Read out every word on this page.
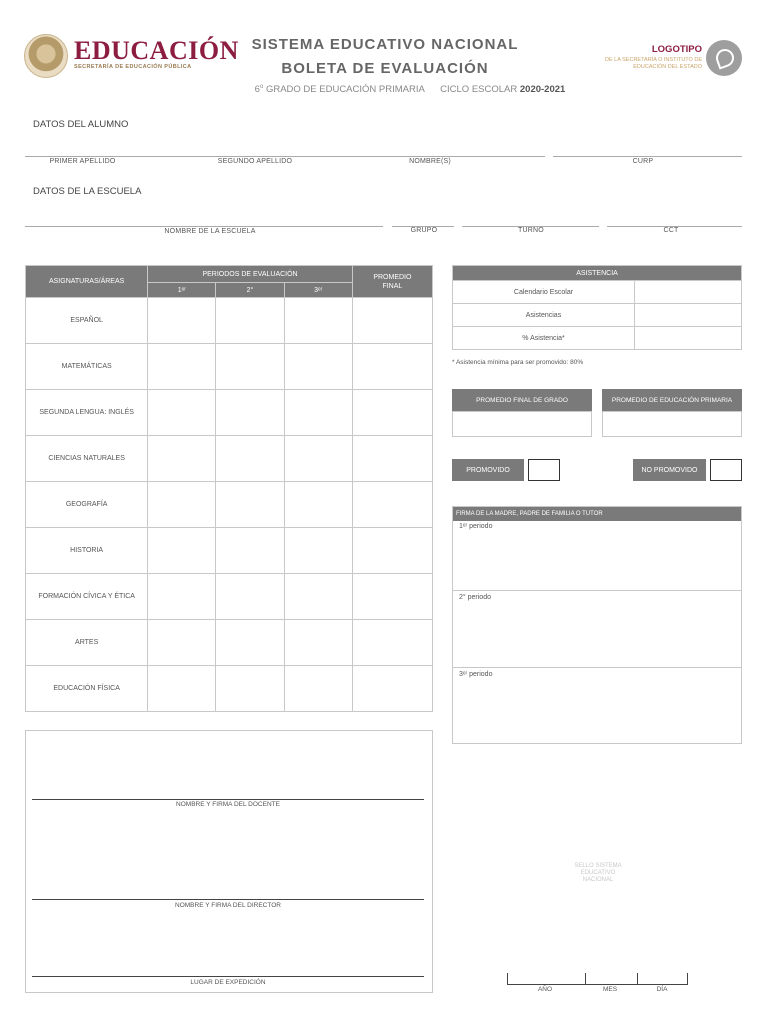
EDUCACIÓN
SECRETARÍA DE EDUCACIÓN PÚBLICA
SISTEMA EDUCATIVO NACIONAL
BOLETA DE EVALUACIÓN
6$^o$ GRADO DE EDUCACIÓN PRIMARIA CICLO ESCOLAR 2020-2021
LOGOTIPO
DE LA SECRETARÍA O INSTITUTO DE EDUCACIÓN DEL ESTADO
DATOS DEL ALUMNO
PRIMER APELLIDO	SEGUNDO APELLIDO	NOMBRE(S)	CURP
DATOS DE LA ESCUELA
NOMBRE DE LA ESCUELA	GRUPO	TURNO	CCT
ASIGNATURAS/ÁREAS	PERIODOS DE EVALUACIÓN			PROMEDIO FINAL
	1ᵉʳ	2°	3ᵉʳ	
ESPAÑOL				
MATEMÁTICAS				
SEGUNDA LENGUA: INGLÉS				
CIENCIAS NATURALES				
GEOGRAFÍA				
HISTORIA				
FORMACIÓN CÍVICA Y ÉTICA				
ARTES				
EDUCACIÓN FÍSICA				
ASISTENCIA	
Calendario Escolar	
Asistencias	
% Asistencia*	
* Asistencia mínima para ser promovido: 80%
PROMEDIO FINAL DE GRADO	PROMEDIO DE EDUCACIÓN PRIMARIA
PROMOVIDO	NO PROMOVIDO
FIRMA DE LA MADRE, PADRE DE FAMILIA O TUTOR
1ᵉʳ periodo
2° periodo
3ᵉʳ periodo
NOMBRE Y FIRMA DEL DOCENTE
NOMBRE Y FIRMA DEL DIRECTOR
LUGAR DE EXPEDICIÓN
SELLO SISTEMA EDUCATIVO NACIONAL
AÑO	MES	DÍA
